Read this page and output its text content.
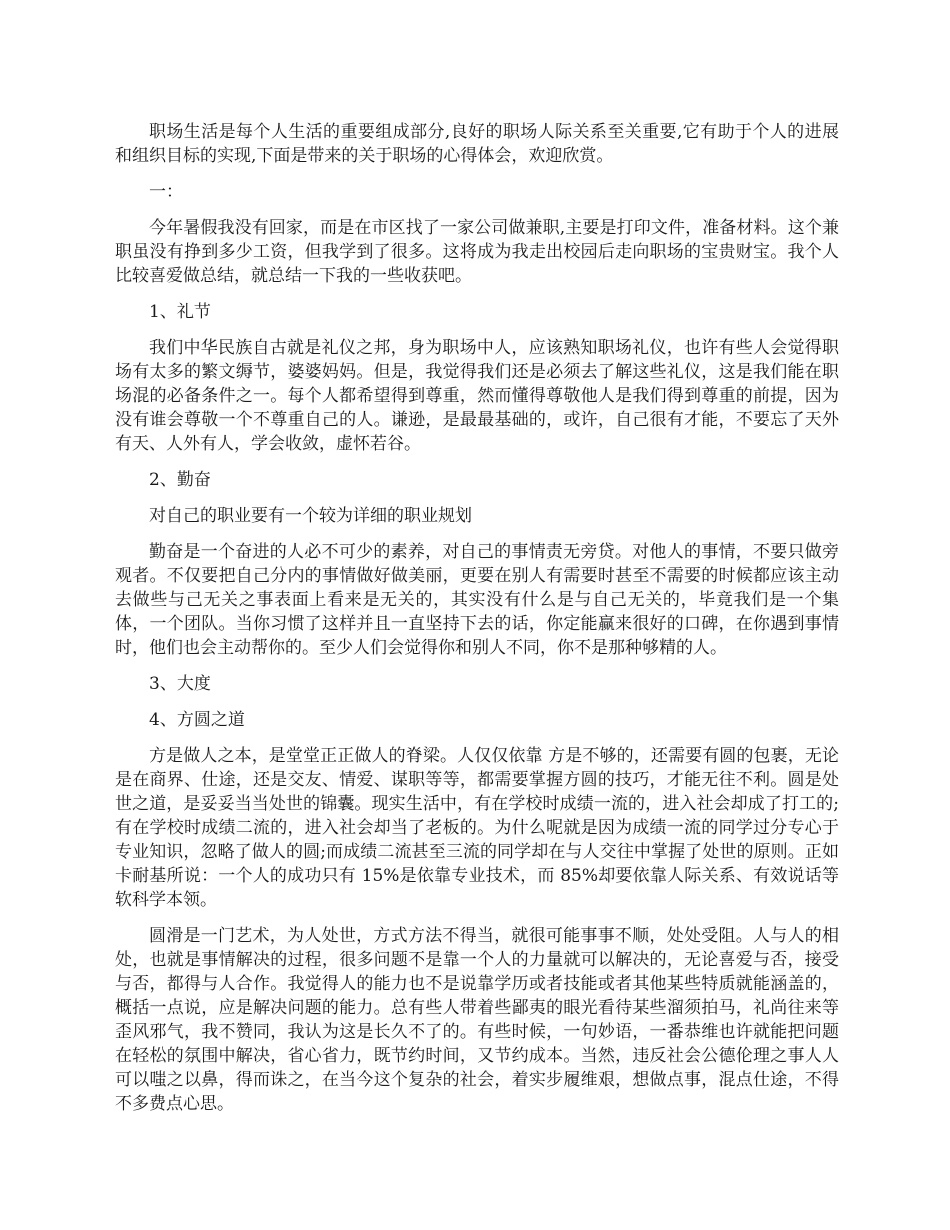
职场生活是每个人生活的重要组成部分,良好的职场人际关系至关重要,它有助于个人的进展和组织目标的实现,下面是带来的关于职场的心得体会，欢迎欣赏。

一：

今年暑假我没有回家，而是在市区找了一家公司做兼职,主要是打印文件，准备材料。这个兼职虽没有挣到多少工资，但我学到了很多。这将成为我走出校园后走向职场的宝贵财宝。我个人比较喜爱做总结，就总结一下我的一些收获吧。

1、礼节

我们中华民族自古就是礼仪之邦，身为职场中人，应该熟知职场礼仪，也许有些人会觉得职场有太多的繁文缛节，婆婆妈妈。但是，我觉得我们还是必须去了解这些礼仪，这是我们能在职场混的必备条件之一。每个人都希望得到尊重，然而懂得尊敬他人是我们得到尊重的前提，因为没有谁会尊敬一个不尊重自己的人。谦逊，是最最基础的，或许，自己很有才能，不要忘了天外有天、人外有人，学会收敛，虚怀若谷。

2、勤奋

对自己的职业要有一个较为详细的职业规划

勤奋是一个奋进的人必不可少的素养，对自己的事情责无旁贷。对他人的事情，不要只做旁观者。不仅要把自己分内的事情做好做美丽，更要在别人有需要时甚至不需要的时候都应该主动去做些与己无关之事表面上看来是无关的，其实没有什么是与自己无关的，毕竟我们是一个集体，一个团队。当你习惯了这样并且一直坚持下去的话，你定能赢来很好的口碑，在你遇到事情时，他们也会主动帮你的。至少人们会觉得你和别人不同，你不是那种够精的人。

3、大度

4、方圆之道

方是做人之本，是堂堂正正做人的脊梁。人仅仅依靠 方是不够的，还需要有圆的包裹，无论是在商界、仕途，还是交友、情爱、谋职等等，都需要掌握方圆的技巧，才能无往不利。圆是处世之道，是妥妥当当处世的锦囊。现实生活中，有在学校时成绩一流的，进入社会却成了打工的;有在学校时成绩二流的，进入社会却当了老板的。为什么呢就是因为成绩一流的同学过分专心于专业知识，忽略了做人的圆;而成绩二流甚至三流的同学却在与人交往中掌握了处世的原则。正如卡耐基所说：一个人的成功只有 15%是依靠专业技术，而 85%却要依靠人际关系、有效说话等软科学本领。

圆滑是一门艺术，为人处世，方式方法不得当，就很可能事事不顺，处处受阻。人与人的相处，也就是事情解决的过程，很多问题不是靠一个人的力量就可以解决的，无论喜爱与否，接受与否，都得与人合作。我觉得人的能力也不是说靠学历或者技能或者其他某些特质就能涵盖的，概括一点说，应是解决问题的能力。总有些人带着些鄙夷的眼光看待某些溜须拍马，礼尚往来等歪风邪气，我不赞同，我认为这是长久不了的。有些时候，一句妙语，一番恭维也许就能把问题在轻松的氛围中解决，省心省力，既节约时间，又节约成本。当然，违反社会公德伦理之事人人可以嗤之以鼻，得而诛之，在当今这个复杂的社会，着实步履维艰，想做点事，混点仕途，不得不多费点心思。
